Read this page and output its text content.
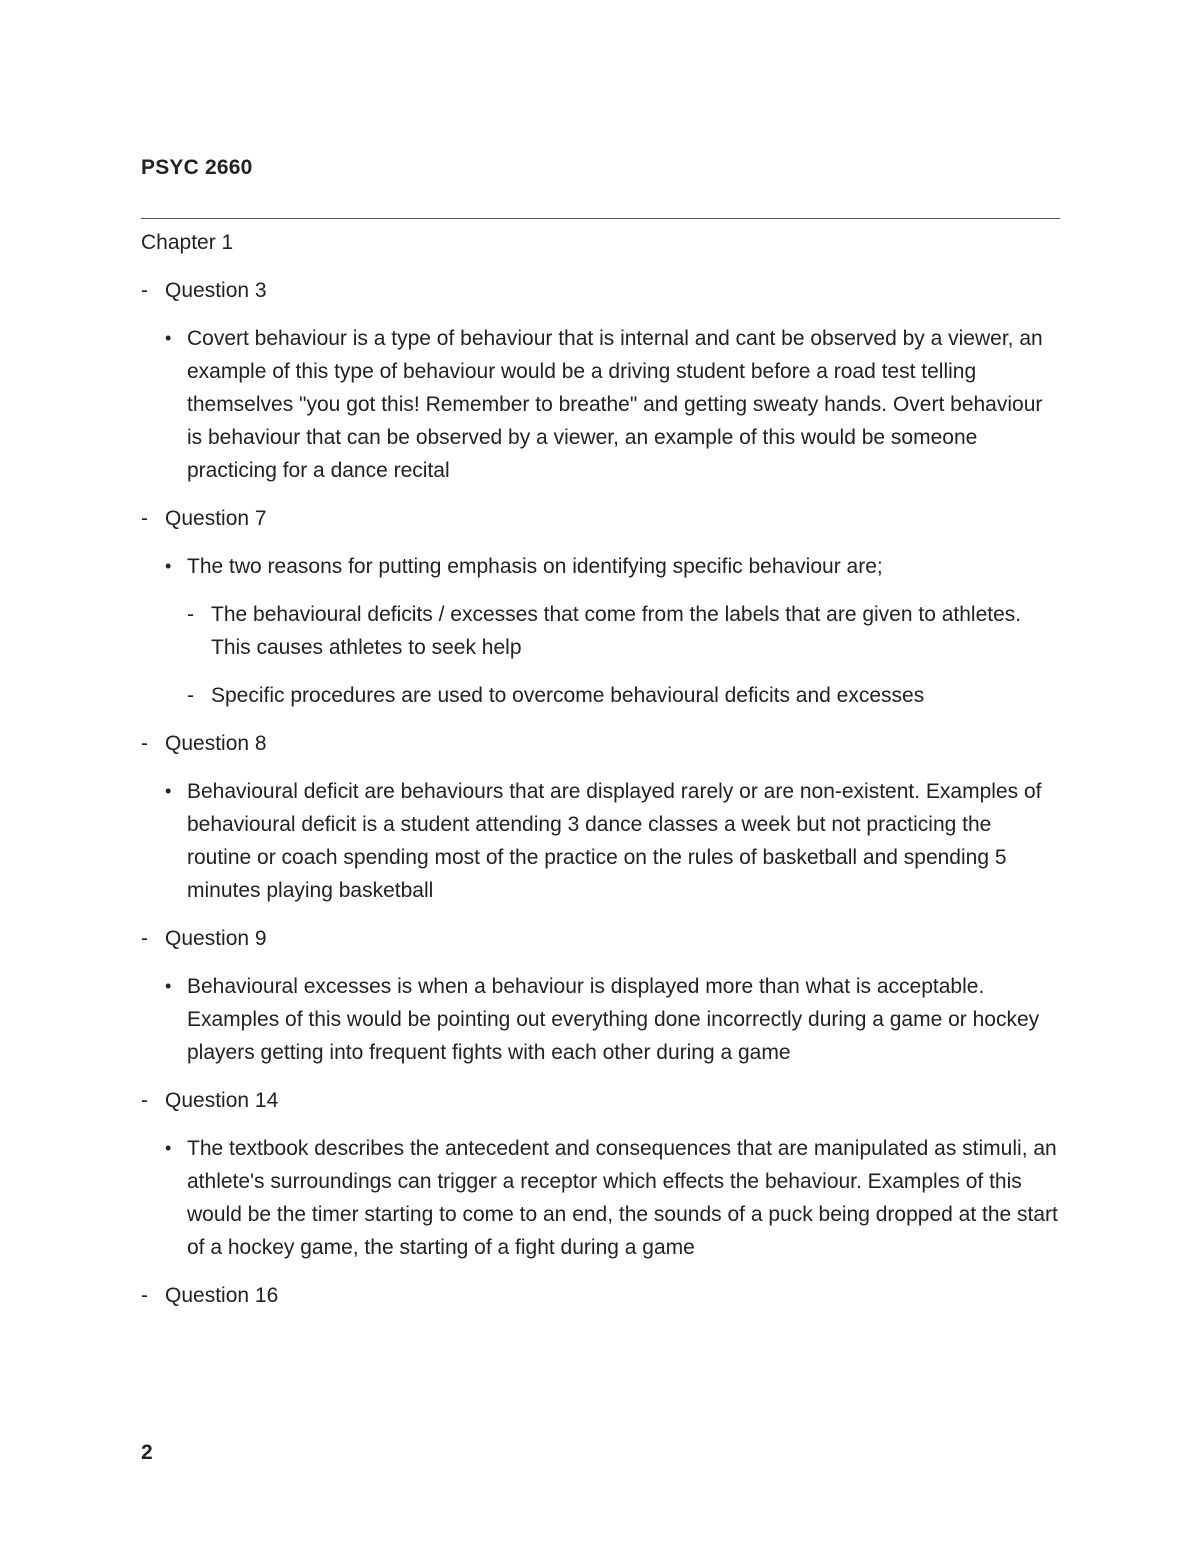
PSYC 2660
Chapter 1
- Question 3
• Covert behaviour is a type of behaviour that is internal and cant be observed by a viewer, an example of this type of behaviour would be a driving student before a road test telling themselves "you got this! Remember to breathe" and getting sweaty hands. Overt behaviour is behaviour that can be observed by a viewer, an example of this would be someone practicing for a dance recital
- Question 7
• The two reasons for putting emphasis on identifying specific behaviour are;
- The behavioural deficits / excesses that come from the labels that are given to athletes. This causes athletes to seek help
- Specific procedures are used to overcome behavioural deficits and excesses
- Question 8
• Behavioural deficit are behaviours that are displayed rarely or are non-existent. Examples of behavioural deficit is a student attending 3 dance classes a week but not practicing the routine or coach spending most of the practice on the rules of basketball and spending 5 minutes playing basketball
- Question 9
• Behavioural excesses is when a behaviour is displayed more than what is acceptable. Examples of this would be pointing out everything done incorrectly during a game or hockey players getting into frequent fights with each other during a game
- Question 14
• The textbook describes the antecedent and consequences that are manipulated as stimuli, an athlete's surroundings can trigger a receptor which effects the behaviour. Examples of this would be the timer starting to come to an end, the sounds of a puck being dropped at the start of a hockey game, the starting of a fight during a game
- Question 16
2
